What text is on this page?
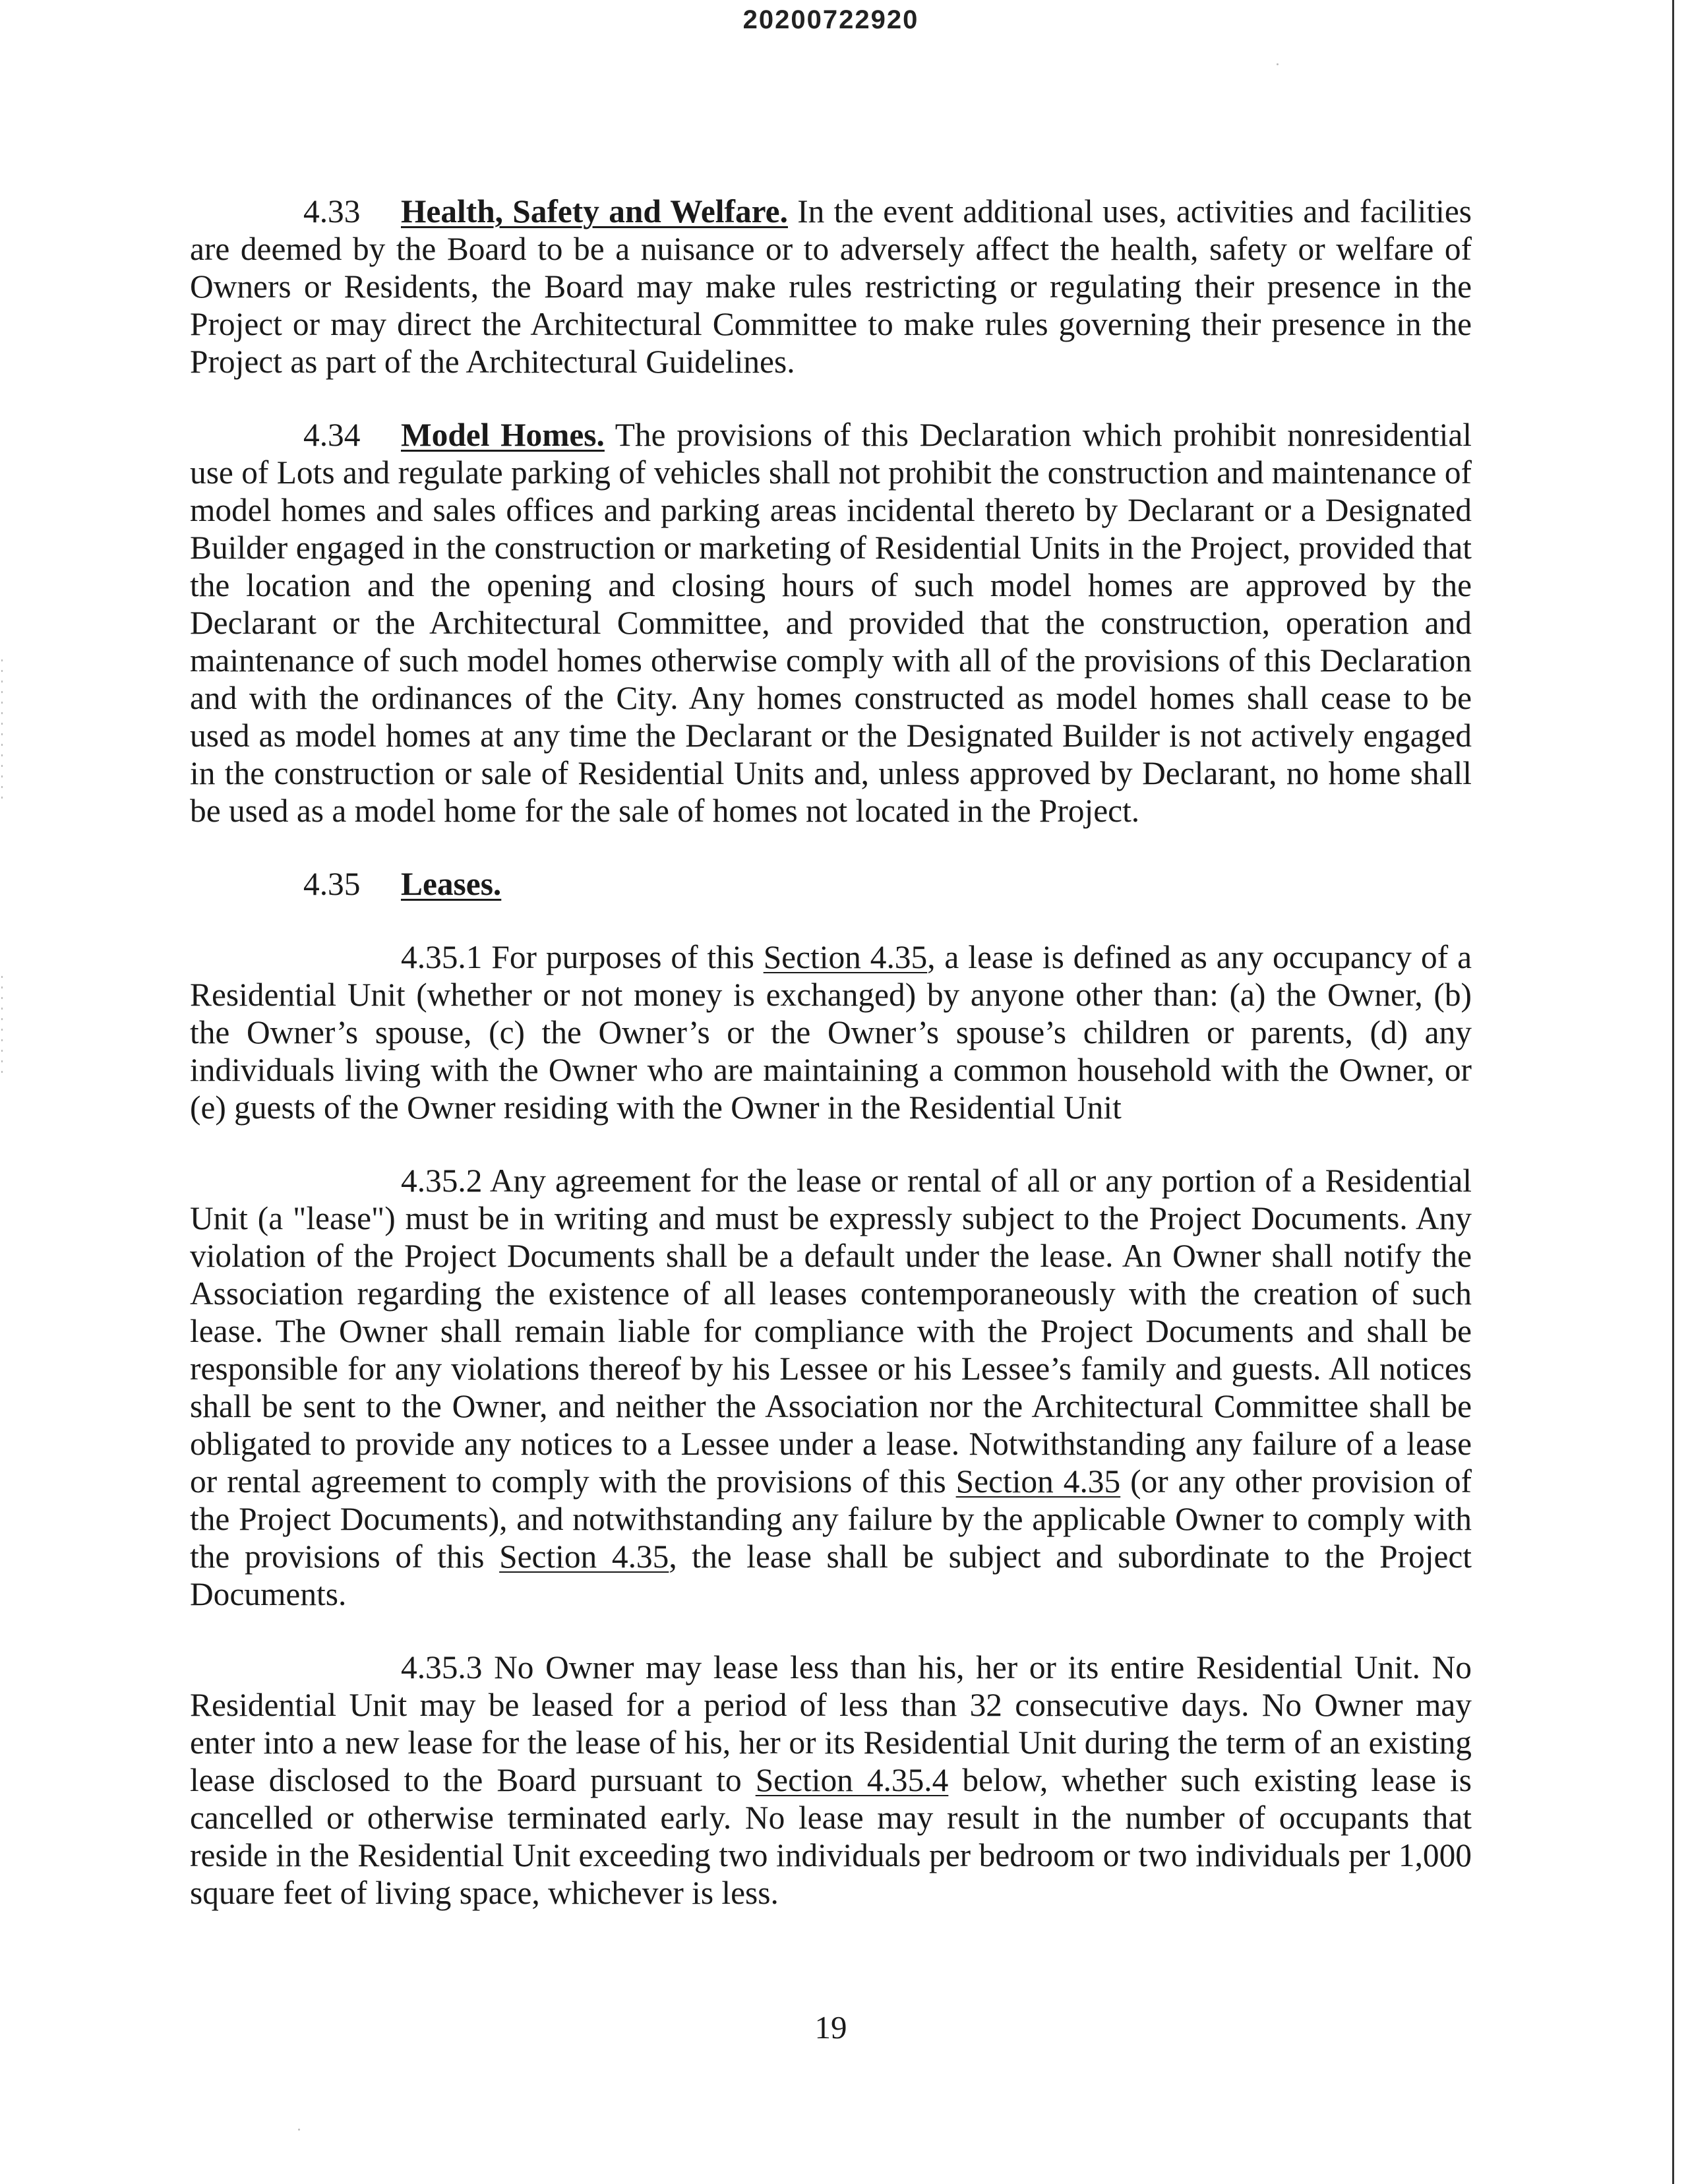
20200722920

4.33 Health, Safety and Welfare. In the event additional uses, activities and facilities are deemed by the Board to be a nuisance or to adversely affect the health, safety or welfare of Owners or Residents, the Board may make rules restricting or regulating their presence in the Project or may direct the Architectural Committee to make rules governing their presence in the Project as part of the Architectural Guidelines.

4.34 Model Homes. The provisions of this Declaration which prohibit nonresidential use of Lots and regulate parking of vehicles shall not prohibit the construction and maintenance of model homes and sales offices and parking areas incidental thereto by Declarant or a Designated Builder engaged in the construction or marketing of Residential Units in the Project, provided that the location and the opening and closing hours of such model homes are approved by the Declarant or the Architectural Committee, and provided that the construction, operation and maintenance of such model homes otherwise comply with all of the provisions of this Declaration and with the ordinances of the City. Any homes constructed as model homes shall cease to be used as model homes at any time the Declarant or the Designated Builder is not actively engaged in the construction or sale of Residential Units and, unless approved by Declarant, no home shall be used as a model home for the sale of homes not located in the Project.

4.35 Leases.

4.35.1 For purposes of this Section 4.35, a lease is defined as any occupancy of a Residential Unit (whether or not money is exchanged) by anyone other than: (a) the Owner, (b) the Owner’s spouse, (c) the Owner’s or the Owner’s spouse’s children or parents, (d) any individuals living with the Owner who are maintaining a common household with the Owner, or (e) guests of the Owner residing with the Owner in the Residential Unit

4.35.2 Any agreement for the lease or rental of all or any portion of a Residential Unit (a "lease") must be in writing and must be expressly subject to the Project Documents. Any violation of the Project Documents shall be a default under the lease. An Owner shall notify the Association regarding the existence of all leases contemporaneously with the creation of such lease. The Owner shall remain liable for compliance with the Project Documents and shall be responsible for any violations thereof by his Lessee or his Lessee’s family and guests. All notices shall be sent to the Owner, and neither the Association nor the Architectural Committee shall be obligated to provide any notices to a Lessee under a lease. Notwithstanding any failure of a lease or rental agreement to comply with the provisions of this Section 4.35 (or any other provision of the Project Documents), and notwithstanding any failure by the applicable Owner to comply with the provisions of this Section 4.35, the lease shall be subject and subordinate to the Project Documents.

4.35.3 No Owner may lease less than his, her or its entire Residential Unit. No Residential Unit may be leased for a period of less than 32 consecutive days. No Owner may enter into a new lease for the lease of his, her or its Residential Unit during the term of an existing lease disclosed to the Board pursuant to Section 4.35.4 below, whether such existing lease is cancelled or otherwise terminated early. No lease may result in the number of occupants that reside in the Residential Unit exceeding two individuals per bedroom or two individuals per 1,000 square feet of living space, whichever is less.

19
